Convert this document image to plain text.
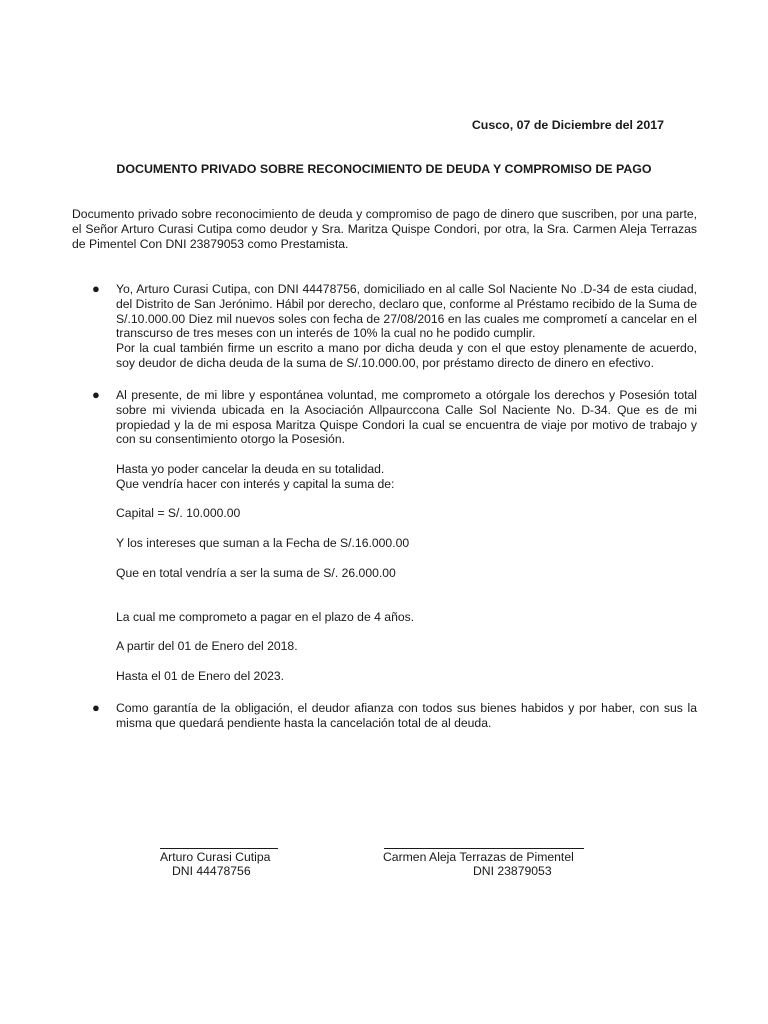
Cusco, 07 de Diciembre del 2017
DOCUMENTO PRIVADO SOBRE RECONOCIMIENTO DE DEUDA Y COMPROMISO DE PAGO
Documento privado sobre reconocimiento de deuda y compromiso de pago de dinero que suscriben, por una parte, el Señor Arturo Curasi Cutipa como deudor y Sra. Maritza Quispe Condori, por otra, la Sra. Carmen Aleja Terrazas de Pimentel Con DNI 23879053 como Prestamista.
●	Yo, Arturo Curasi Cutipa, con DNI 44478756, domiciliado en al calle Sol Naciente No .D-34 de esta ciudad, del Distrito de San Jerónimo. Hábil por derecho, declaro que, conforme al Préstamo recibido de la Suma de S/.10.000.00 Diez mil nuevos soles con fecha de 27/08/2016 en las cuales me comprometí a cancelar en el transcurso de tres meses con un interés de 10% la cual no he podido cumplir.
Por la cual también firme un escrito a mano por dicha deuda y con el que estoy plenamente de acuerdo, soy deudor de dicha deuda de la suma de S/.10.000.00, por préstamo directo de dinero en efectivo.
●	Al presente, de mi libre y espontánea voluntad, me comprometo a otórgale los derechos y Posesión total sobre mi vivienda ubicada en la Asociación Allpaurccona Calle Sol Naciente No. D-34. Que es de mi propiedad y la de mi esposa Maritza Quispe Condori la cual se encuentra de viaje por motivo de trabajo y con su consentimiento otorgo la Posesión.
Hasta yo poder cancelar la deuda en su totalidad.
Que vendría hacer con interés y capital la suma de:
Capital = S/. 10.000.00
Y los intereses que suman a la Fecha de S/.16.000.00
Que en total vendría a ser la suma de S/. 26.000.00
La cual me comprometo a pagar en el plazo de 4 años.
A partir del 01 de Enero del 2018.
Hasta el 01 de Enero del 2023.
●	Como garantía de la obligación, el deudor afianza con todos sus bienes habidos y por haber, con sus la misma que quedará pendiente hasta la cancelación total de al deuda.
Arturo Curasi Cutipa
DNI 44478756
Carmen Aleja Terrazas de Pimentel
DNI 23879053
